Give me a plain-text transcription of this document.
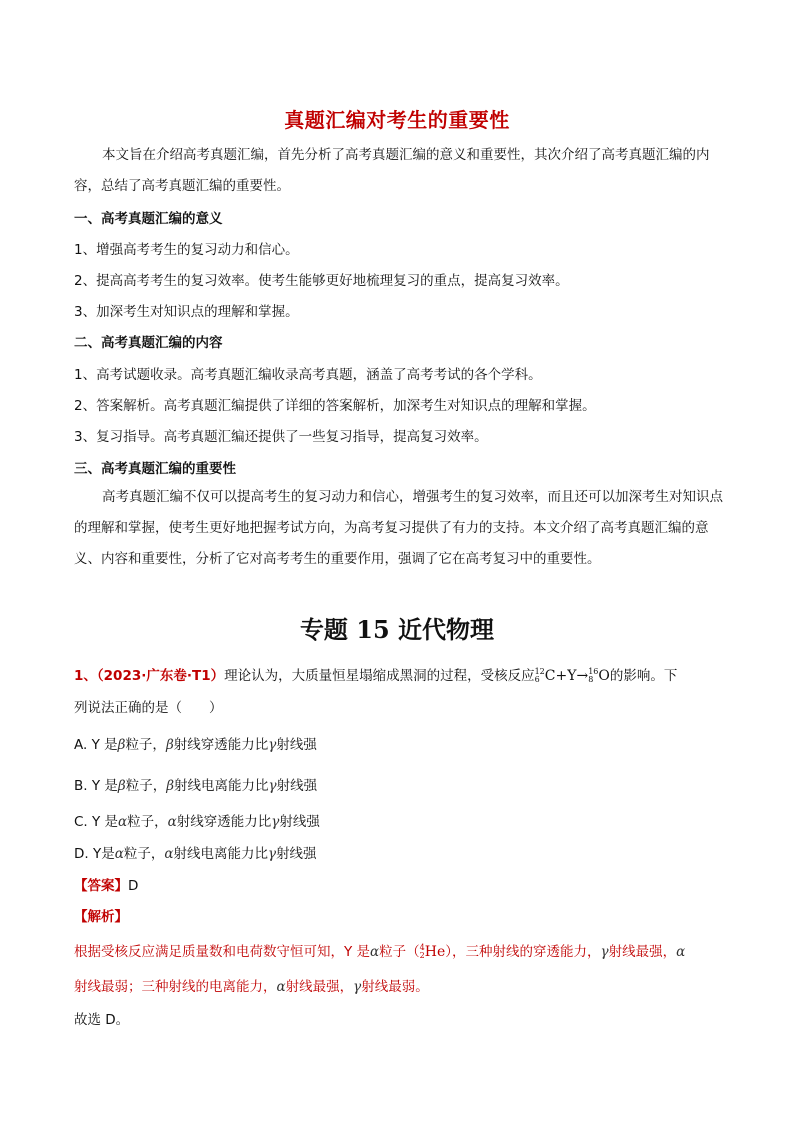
真题汇编对考生的重要性
本文旨在介绍高考真题汇编，首先分析了高考真题汇编的意义和重要性，其次介绍了高考真题汇编的内容，总结了高考真题汇编的重要性。
一、高考真题汇编的意义
1、增强高考考生的复习动力和信心。
2、提高高考考生的复习效率。使考生能够更好地梳理复习的重点，提高复习效率。
3、加深考生对知识点的理解和掌握。
二、高考真题汇编的内容
1、高考试题收录。高考真题汇编收录高考真题，涵盖了高考考试的各个学科。
2、答案解析。高考真题汇编提供了详细的答案解析，加深考生对知识点的理解和掌握。
3、复习指导。高考真题汇编还提供了一些复习指导，提高复习效率。
三、高考真题汇编的重要性
高考真题汇编不仅可以提高考生的复习动力和信心，增强考生的复习效率，而且还可以加深考生对知识点的理解和掌握，使考生更好地把握考试方向，为高考复习提供了有力的支持。本文介绍了高考真题汇编的意义、内容和重要性，分析了它对高考考生的重要作用，强调了它在高考复习中的重要性。
专题 15 近代物理
1、（2023·广东卷·T1）理论认为，大质量恒星塌缩成黑洞的过程，受核反应 12
6 C+Y→ 16
8 O的影响。下
列说法正确的是（　　）
A. Y 是β粒子，β射线穿透能力比γ射线强
B. Y 是β粒子，β射线电离能力比γ射线强
C. Y 是α粒子，α射线穿透能力比γ射线强
D. Y是α粒子，α射线电离能力比γ射线强
【答案】D
【解析】
根据受核反应满足质量数和电荷数守恒可知，Y 是α粒子（ 4
2 He），三种射线的穿透能力，γ射线最强，α
射线最弱；三种射线的电离能力，α射线最强，γ射线最弱。
故选 D。
